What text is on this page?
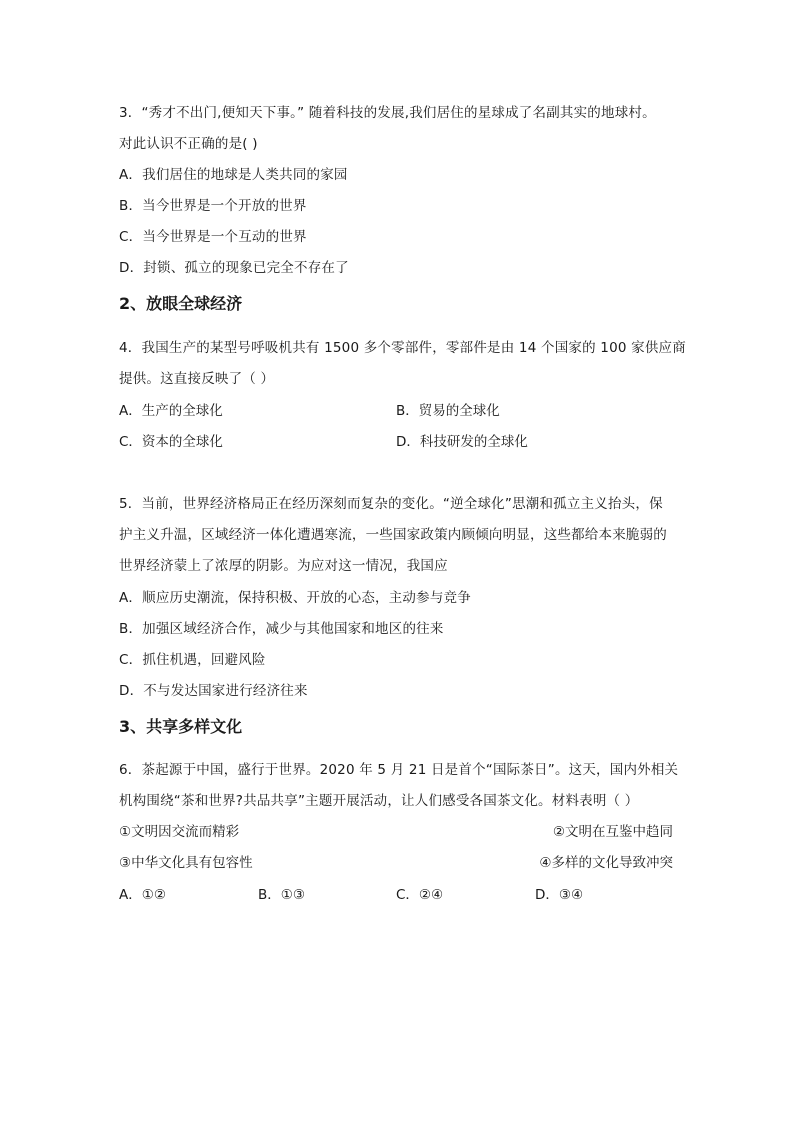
3．“秀才不出门,便知天下事。” 随着科技的发展,我们居住的星球成了名副其实的地球村。
对此认识不正确的是( )
A．我们居住的地球是人类共同的家园
B．当今世界是一个开放的世界
C．当今世界是一个互动的世界
D．封锁、孤立的现象已完全不存在了
2、放眼全球经济
4．我国生产的某型号呼吸机共有 1500 多个零部件，零部件是由 14 个国家的 100 家供应商
提供。这直接反映了（ ）
A．生产的全球化	B．贸易的全球化
C．资本的全球化	D．科技研发的全球化
5．当前，世界经济格局正在经历深刻而复杂的变化。“逆全球化”思潮和孤立主义抬头，保
护主义升温，区域经济一体化遭遇寒流，一些国家政策内顾倾向明显，这些都给本来脆弱的
世界经济蒙上了浓厚的阴影。为应对这一情况，我国应
A．顺应历史潮流，保持积极、开放的心态，主动参与竞争
B．加强区域经济合作，减少与其他国家和地区的往来
C．抓住机遇，回避风险
D．不与发达国家进行经济往来
3、共享多样文化
6．茶起源于中国，盛行于世界。2020 年 5 月 21 日是首个“国际茶日”。这天，国内外相关
机构围绕“茶和世界?共品共享”主题开展活动，让人们感受各国茶文化。材料表明（ ）
①文明因交流而精彩	②文明在互鉴中趋同
③中华文化具有包容性	④多样的文化导致冲突
A．①②	B．①③	C．②④	D．③④
